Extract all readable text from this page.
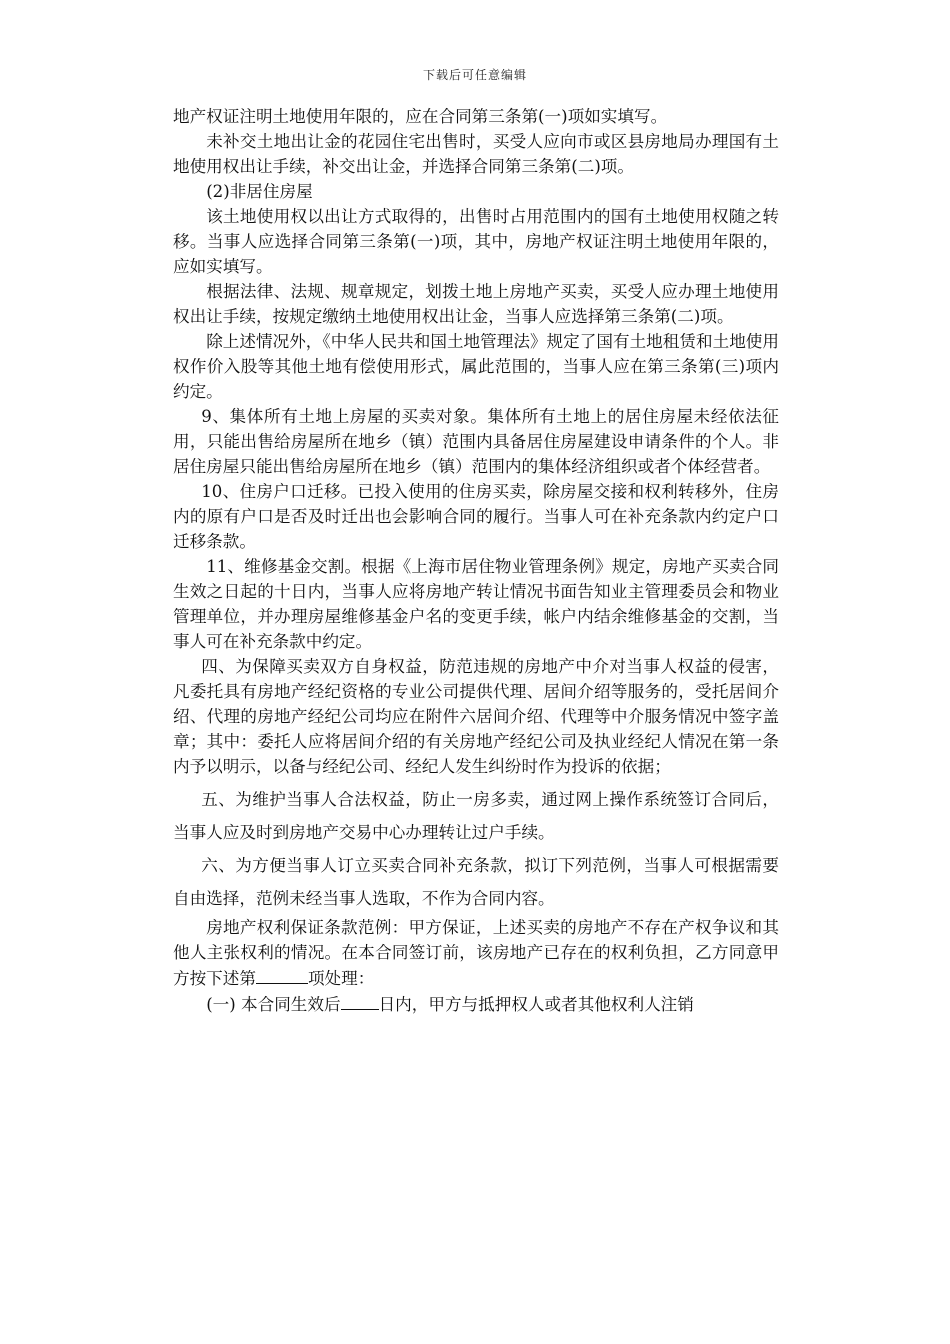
下载后可任意编辑

地产权证注明土地使用年限的，应在合同第三条第(一)项如实填写。

未补交土地出让金的花园住宅出售时，买受人应向市或区县房地局办理国有土地使用权出让手续，补交出让金，并选择合同第三条第(二)项。

(2)非居住房屋

该土地使用权以出让方式取得的，出售时占用范围内的国有土地使用权随之转移。当事人应选择合同第三条第(一)项，其中，房地产权证注明土地使用年限的，应如实填写。

根据法律、法规、规章规定，划拨土地上房地产买卖，买受人应办理土地使用权出让手续，按规定缴纳土地使用权出让金，当事人应选择第三条第(二)项。

除上述情况外，《中华人民共和国土地管理法》规定了国有土地租赁和土地使用权作价入股等其他土地有偿使用形式，属此范围的，当事人应在第三条第(三)项内约定。

9、集体所有土地上房屋的买卖对象。集体所有土地上的居住房屋未经依法征用，只能出售给房屋所在地乡（镇）范围内具备居住房屋建设申请条件的个人。非居住房屋只能出售给房屋所在地乡（镇）范围内的集体经济组织或者个体经营者。

10、住房户口迁移。已投入使用的住房买卖，除房屋交接和权利转移外，住房内的原有户口是否及时迁出也会影响合同的履行。当事人可在补充条款内约定户口迁移条款。

11、维修基金交割。根据《上海市居住物业管理条例》规定，房地产买卖合同生效之日起的十日内，当事人应将房地产转让情况书面告知业主管理委员会和物业管理单位，并办理房屋维修基金户名的变更手续，帐户内结余维修基金的交割，当事人可在补充条款中约定。

四、为保障买卖双方自身权益，防范违规的房地产中介对当事人权益的侵害，凡委托具有房地产经纪资格的专业公司提供代理、居间介绍等服务的，受托居间介绍、代理的房地产经纪公司均应在附件六居间介绍、代理等中介服务情况中签字盖章；其中：委托人应将居间介绍的有关房地产经纪公司及执业经纪人情况在第一条内予以明示，以备与经纪公司、经纪人发生纠纷时作为投诉的依据；

五、为维护当事人合法权益，防止一房多卖，通过网上操作系统签订合同后，当事人应及时到房地产交易中心办理转让过户手续。

六、为方便当事人订立买卖合同补充条款，拟订下列范例，当事人可根据需要自由选择，范例未经当事人选取，不作为合同内容。

房地产权利保证条款范例：甲方保证，上述买卖的房地产不存在产权争议和其他人主张权利的情况。在本合同签订前，该房地产已存在的权利负担，乙方同意甲方按下述第	项处理：

(一) 本合同生效后 日内，甲方与抵押权人或者其他权利人注销
